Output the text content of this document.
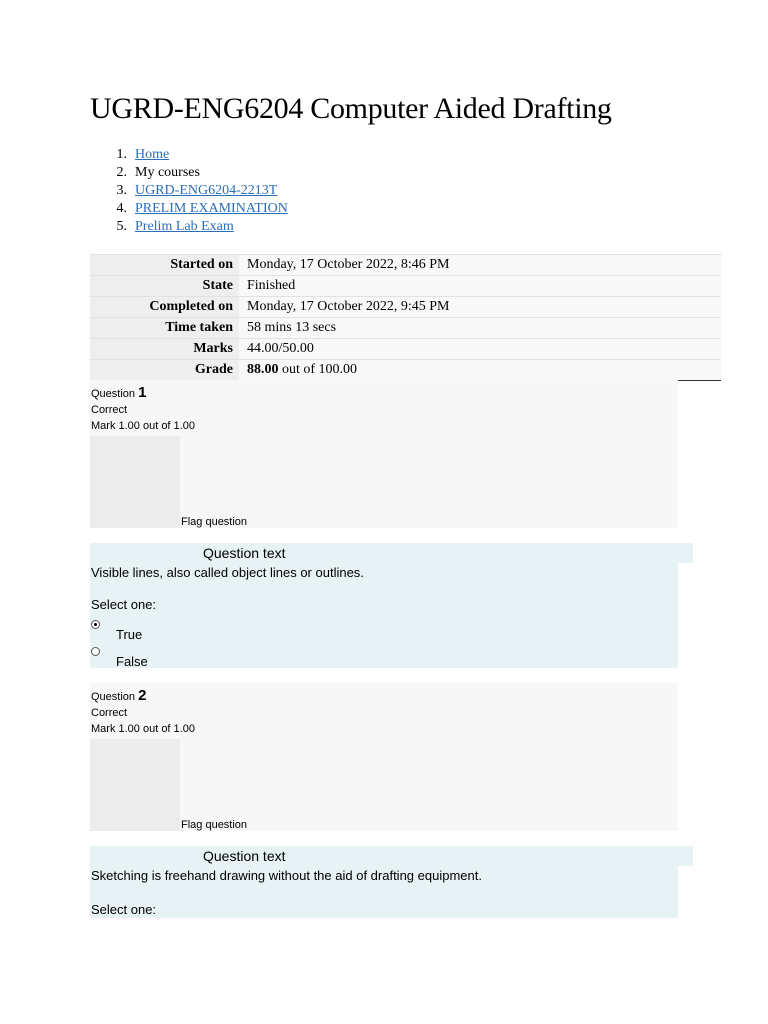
UGRD-ENG6204 Computer Aided Drafting
1. Home
2. My courses
3. UGRD-ENG6204-2213T
4. PRELIM EXAMINATION
5. Prelim Lab Exam
Started on	Monday, 17 October 2022, 8:46 PM
State	Finished
Completed on	Monday, 17 October 2022, 9:45 PM
Time taken	58 mins 13 secs
Marks	44.00/50.00
Grade	88.00 out of 100.00
Question 1
Correct
Mark 1.00 out of 1.00
Flag question
Question text
Visible lines, also called object lines or outlines.
Select one:
True
False
Question 2
Correct
Mark 1.00 out of 1.00
Flag question
Question text
Sketching is freehand drawing without the aid of drafting equipment.
Select one:
